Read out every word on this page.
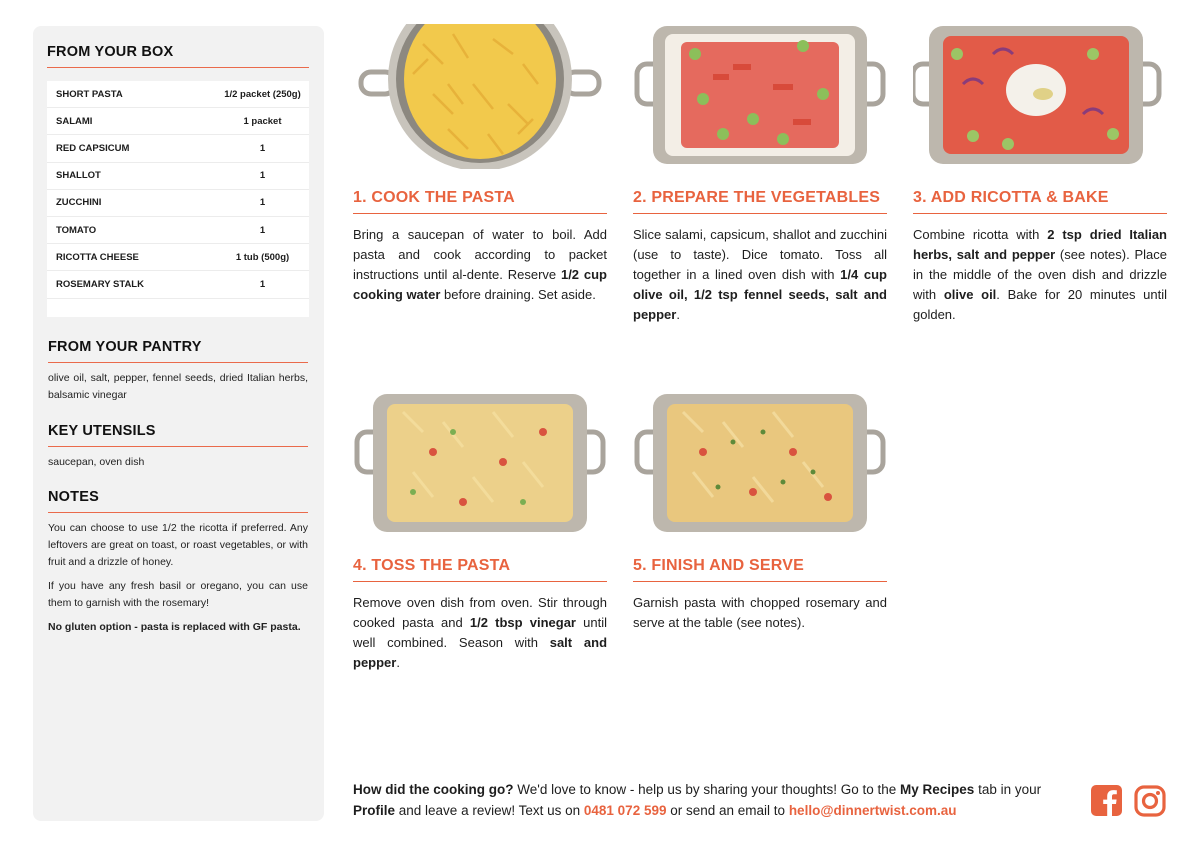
FROM YOUR BOX
SHORT PASTA	1/2 packet (250g)
SALAMI	1 packet
RED CAPSICUM	1
SHALLOT	1
ZUCCHINI	1
TOMATO	1
RICOTTA CHEESE	1 tub (500g)
ROSEMARY STALK	1
FROM YOUR PANTRY
olive oil, salt, pepper, fennel seeds, dried Italian herbs, balsamic vinegar
KEY UTENSILS
saucepan, oven dish
NOTES

You can choose to use 1/2 the ricotta if preferred. Any leftovers are great on toast, or roast vegetables, or with fruit and a drizzle of honey.

If you have any fresh basil or oregano, you can use them to garnish with the rosemary!

No gluten option - pasta is replaced with GF pasta.

1. COOK THE PASTA
Bring a saucepan of water to boil. Add pasta and cook according to packet instructions until al-dente. Reserve 1/2 cup cooking water before draining. Set aside.
2. PREPARE THE VEGETABLES
Slice salami, capsicum, shallot and zucchini (use to taste). Dice tomato. Toss all together in a lined oven dish with 1/4 cup olive oil, 1/2 tsp fennel seeds, salt and pepper.
3. ADD RICOTTA & BAKE
Combine ricotta with 2 tsp dried Italian herbs, salt and pepper (see notes). Place in the middle of the oven dish and drizzle with olive oil. Bake for 20 minutes until golden.
4. TOSS THE PASTA
Remove oven dish from oven. Stir through cooked pasta and 1/2 tbsp vinegar until well combined. Season with salt and pepper.
5. FINISH AND SERVE
Garnish pasta with chopped rosemary and serve at the table (see notes).
How did the cooking go? We'd love to know - help us by sharing your thoughts! Go to the My Recipes tab in your Profile and leave a review! Text us on 0481 072 599 or send an email to hello@dinnertwist.com.au
